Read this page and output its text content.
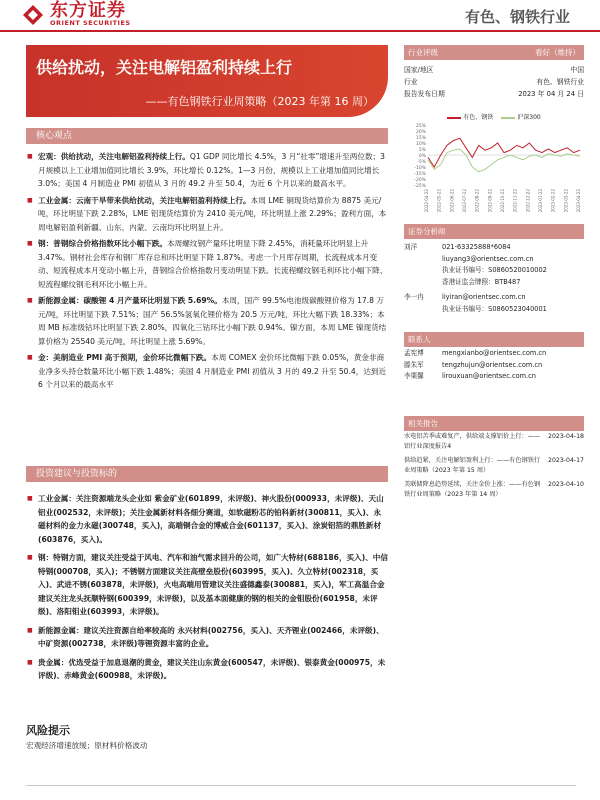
东方证券
ORIENT SECURITIES	有色、钢铁行业
供给扰动，关注电解铝盈利持续上行
——有色钢铁行业周策略（2023 年第 16 周）
核心观点
■ 宏观：供给扰动，关注电解铝盈利持续上行。Q1 GDP 同比增长 4.5%，3 月“社零”增速升至两位数；3 月规模以上工业增加值同比增长 3.9%，环比增长 0.12%。1—3 月份，规模以上工业增加值同比增长 3.0%；美国 4 月制造业 PMI 初值从 3 月的 49.2 升至 50.4，为近 6 个月以来的最高水平。
■ 工业金属：云南干旱带来供给扰动，关注电解铝盈利持续上行。本周 LME 铜现货结算价为 8875 美元/吨，环比明显下跌 2.28%，LME 铝现货结算价为 2410 美元/吨，环比明显上涨 2.29%；盈利方面，本周电解铝盈利新疆、山东、内蒙、云南均环比明显上升。
■ 钢：普钢综合价格指数环比小幅下跌。本周螺纹钢产量环比明显下降 2.45%，消耗量环比明显上升 3.47%。钢材社会库存和钢厂库存总和环比明显下降 1.87%。考虑一个月库存周期，长流程成本月变动、短流程成本月变动小幅上升，普钢综合价格指数月变动明显下跌。长流程螺纹钢毛利环比小幅下降、短流程螺纹钢毛利环比小幅上升。
■ 新能源金属：碳酸锂 4 月产量环比明显下跌 5.69%。本周，国产 99.5%电池级碳酸锂价格为 17.8 万元/吨，环比明显下跌 7.51%；国产 56.5%氢氧化锂价格为 20.5 万元/吨，环比大幅下跌 18.33%；本周 MB 标准级钴环比明显下跌 2.80%，四氧化三钴环比小幅下跌 0.94%。镍方面，本周 LME 镍现货结算价格为 25540 美元/吨，环比明显上涨 5.69%。
■ 金：美制造业 PMI 高于预期，金价环比微幅下跌。本周 COMEX 金价环比微幅下跌 0.05%，黄金非商业净多头持仓数量环比小幅下跌 1.48%；美国 4 月制造业 PMI 初值从 3 月的 49.2 升至 50.4，达到近 6 个月以来的最高水平
投资建议与投资标的
■ 工业金属：关注资源端龙头企业如 紫金矿业(601899，未评级)、神火股份(000933，未评级)、天山铝业(002532，未评级)；关注金属新材料各细分赛道，如软磁粉芯的铂科新材(300811，买入)、永磁材料的金力永磁(300748，买入)，高端铜合金的博威合金(601137，买入)、涂炭铝箔的鼎胜新材(603876，买入)。
■ 钢：特钢方面，建议关注受益于风电、汽车和油气需求回升的公司，如广大特材(688186，买入)、中信特钢(000708，买入)；不锈钢方面建议关注高壁垒股份(603995，买入)、久立特材(002318，买入)、武进不锈(603878，未评级)，火电高端用管建议关注盛德鑫泰(300881，买入)，军工高温合金建议关注龙头抚顺特钢(600399，未评级)，以及基本面健康的钢的相关的金钼股份(601958，未评级)、洛阳钼业(603993，未评级)。
■ 新能源金属：建议关注资源自给率较高的 永兴材料(002756，买入)、天齐锂业(002466，未评级)、中矿资源(002738，未评级)等锂资源丰富的企业。
■ 贵金属：优选受益于加息退潮的黄金，建议关注山东黄金(600547，未评级)、银泰黄金(000975，未评级)、赤峰黄金(600988，未评级)。
风险提示
宏观经济增速放缓；原材料价格波动
行业评级	看好（维持）
国家/地区	中国
行业	有色、钢铁行业
报告发布日期	2023 年 04 月 24 日
有色、钢铁	沪深300
25%
20%
15%
10%
5%
0%
-5%
-10%
-15%
-20%
-25%
2022-04-22 2022-05-22 2022-06-22 2022-07-22 2022-08-22 2022-09-22 2022-10-22 2022-11-22 2022-12-22 2023-01-22 2023-02-22 2023-03-22 2023-04-22
证券分析师
刘洋	021-63325888*6084
liuyang3@orientsec.com.cn
执业证书编号：S0860520010002
香港证监会牌照：BTB487
李一冉	liyiran@orientsec.com.cn
执业证书编号：S0860523040001
联系人
孟宪博	mengxianbo@orientsec.com.cn
滕朱军	tengzhujun@orientsec.com.cn
李栗馨	lirouxuan@orientsec.com.cn
相关报告
水电铝苦季或难复产，供给端支撑铝价上行：——铝行业深度报告4
2023-04-18
供给趋紧，关注电解铝盈利上行：——有色钢铁行业周策略（2023 年第 15 周）
2023-04-17
美联储降息趋势延续，关注金价上涨：——有色钢铁行业周策略（2023 年第 14 周）
2023-04-10
